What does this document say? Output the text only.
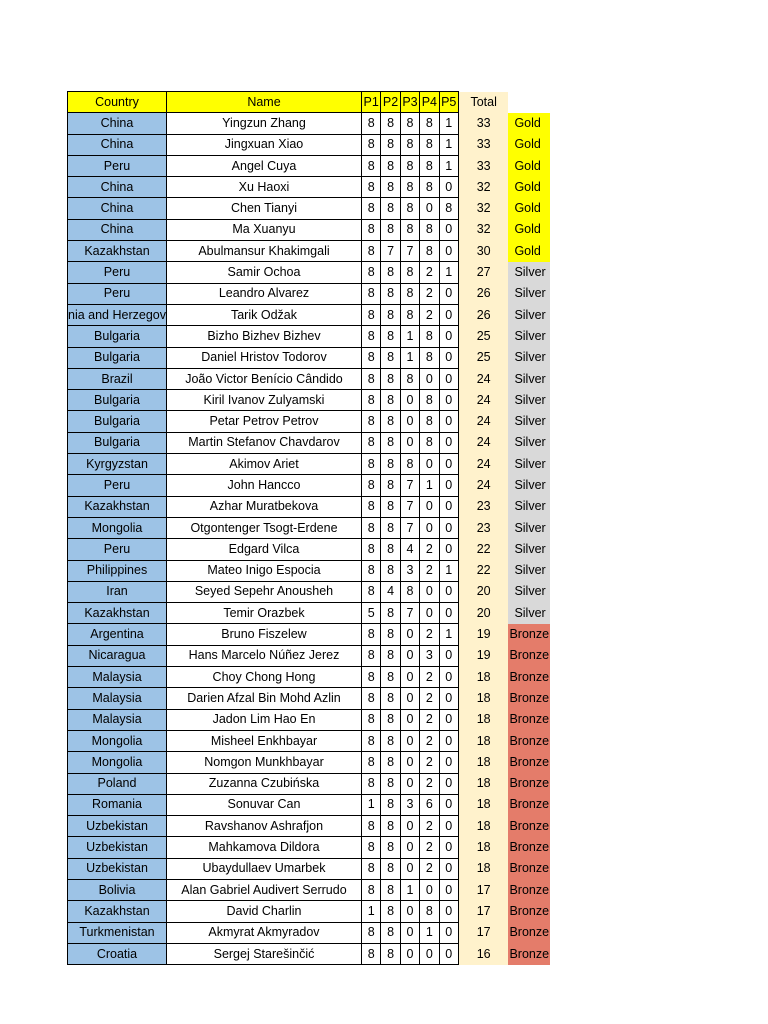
Country	Name	P1	P2	P3	P4	P5	Total	
China	Yingzun Zhang	8	8	8	8	1	33	Gold
China	Jingxuan Xiao	8	8	8	8	1	33	Gold
Peru	Angel Cuya	8	8	8	8	1	33	Gold
China	Xu Haoxi	8	8	8	8	0	32	Gold
China	Chen Tianyi	8	8	8	0	8	32	Gold
China	Ma Xuanyu	8	8	8	8	0	32	Gold
Kazakhstan	Abulmansur Khakimgali	8	7	7	8	0	30	Gold
Peru	Samir Ochoa	8	8	8	2	1	27	Silver
Peru	Leandro Alvarez	8	8	8	2	0	26	Silver
nia and Herzegov	Tarik Odžak	8	8	8	2	0	26	Silver
Bulgaria	Bizho Bizhev Bizhev	8	8	1	8	0	25	Silver
Bulgaria	Daniel Hristov Todorov	8	8	1	8	0	25	Silver
Brazil	João Victor Benício Cândido	8	8	8	0	0	24	Silver
Bulgaria	Kiril Ivanov Zulyamski	8	8	0	8	0	24	Silver
Bulgaria	Petar Petrov Petrov	8	8	0	8	0	24	Silver
Bulgaria	Martin Stefanov Chavdarov	8	8	0	8	0	24	Silver
Kyrgyzstan	Akimov Ariet	8	8	8	0	0	24	Silver
Peru	John Hancco	8	8	7	1	0	24	Silver
Kazakhstan	Azhar Muratbekova	8	8	7	0	0	23	Silver
Mongolia	Otgontenger Tsogt-Erdene	8	8	7	0	0	23	Silver
Peru	Edgard Vilca	8	8	4	2	0	22	Silver
Philippines	Mateo Inigo Espocia	8	8	3	2	1	22	Silver
Iran	Seyed Sepehr Anousheh	8	4	8	0	0	20	Silver
Kazakhstan	Temir Orazbek	5	8	7	0	0	20	Silver
Argentina	Bruno Fiszelew	8	8	0	2	1	19	Bronze
Nicaragua	Hans Marcelo Núñez Jerez	8	8	0	3	0	19	Bronze
Malaysia	Choy Chong Hong	8	8	0	2	0	18	Bronze
Malaysia	Darien Afzal Bin Mohd Azlin	8	8	0	2	0	18	Bronze
Malaysia	Jadon Lim Hao En	8	8	0	2	0	18	Bronze
Mongolia	Misheel Enkhbayar	8	8	0	2	0	18	Bronze
Mongolia	Nomgon Munkhbayar	8	8	0	2	0	18	Bronze
Poland	Zuzanna Czubińska	8	8	0	2	0	18	Bronze
Romania	Sonuvar Can	1	8	3	6	0	18	Bronze
Uzbekistan	Ravshanov Ashrafjon	8	8	0	2	0	18	Bronze
Uzbekistan	Mahkamova Dildora	8	8	0	2	0	18	Bronze
Uzbekistan	Ubaydullaev Umarbek	8	8	0	2	0	18	Bronze
Bolivia	Alan Gabriel Audivert Serrudo	8	8	1	0	0	17	Bronze
Kazakhstan	David Charlin	1	8	0	8	0	17	Bronze
Turkmenistan	Akmyrat Akmyradov	8	8	0	1	0	17	Bronze
Croatia	Sergej Starešinčić	8	8	0	0	0	16	Bronze
